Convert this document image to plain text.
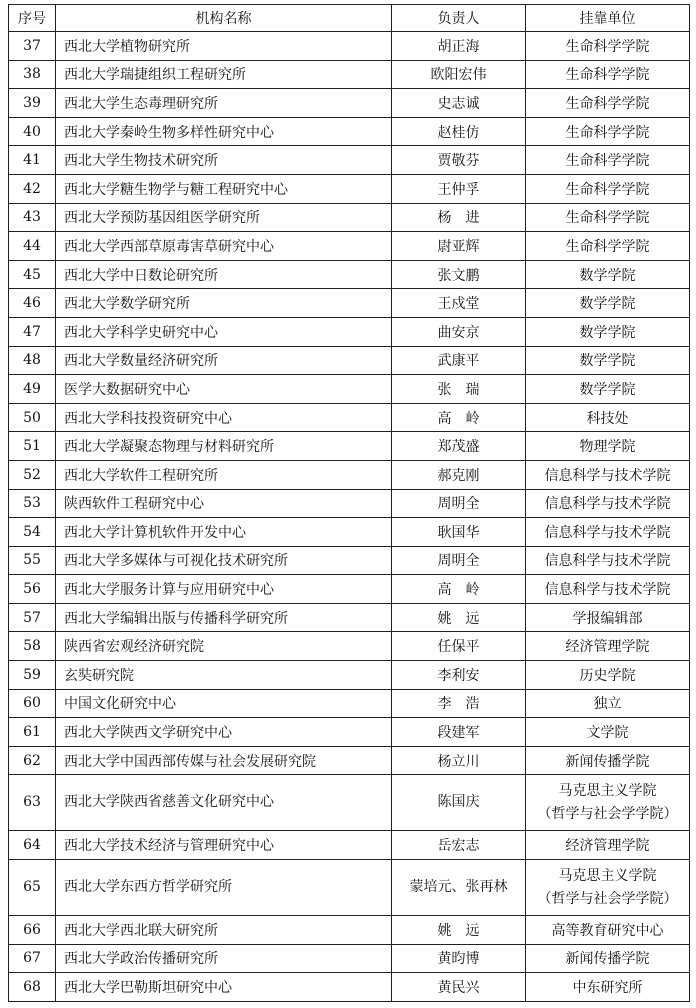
序号	机构名称	负责人	挂靠单位
37	西北大学植物研究所	胡正海	生命科学学院

38	西北大学瑞捷组织工程研究所	欧阳宏伟	生命科学学院

39	西北大学生态毒理研究所	史志诚	生命科学学院

40	西北大学秦岭生物多样性研究中心	赵桂仿	生命科学学院

41	西北大学生物技术研究所	贾敬芬	生命科学学院

42	西北大学糖生物学与糖工程研究中心	王仲孚	生命科学学院

43	西北大学预防基因组医学研究所	杨　进	生命科学学院

44	西北大学西部草原毒害草研究中心	尉亚辉	生命科学学院

45	西北大学中日数论研究所	张文鹏	数学学院

46	西北大学数学研究所	王戍堂	数学学院

47	西北大学科学史研究中心	曲安京	数学学院

48	西北大学数量经济研究所	武康平	数学学院

49	医学大数据研究中心	张　瑞	数学学院

50	西北大学科技投资研究中心	高　岭	科技处

51	西北大学凝聚态物理与材料研究所	郑茂盛	物理学院

52	西北大学软件工程研究所	郝克刚	信息科学与技术学院

53	陕西软件工程研究中心	周明全	信息科学与技术学院

54	西北大学计算机软件开发中心	耿国华	信息科学与技术学院

55	西北大学多媒体与可视化技术研究所	周明全	信息科学与技术学院

56	西北大学服务计算与应用研究中心	高　岭	信息科学与技术学院

57	西北大学编辑出版与传播科学研究所	姚　远	学报编辑部

58	陕西省宏观经济研究院	任保平	经济管理学院

59	玄奘研究院	李利安	历史学院

60	中国文化研究中心	李　浩	独立

61	西北大学陕西文学研究中心	段建军	文学院

62	西北大学中国西部传媒与社会发展研究院	杨立川	新闻传播学院

63	西北大学陕西省慈善文化研究中心	陈国庆	马克思主义学院
（哲学与社会学学院）

64	西北大学技术经济与管理研究中心	岳宏志	经济管理学院

65	西北大学东西方哲学研究所	蒙培元、张再林	马克思主义学院
（哲学与社会学学院）

66	西北大学西北联大研究所	姚　远	高等教育研究中心

67	西北大学政治传播研究所	黄昀博	新闻传播学院

68	西北大学巴勒斯坦研究中心	黄民兴	中东研究所
